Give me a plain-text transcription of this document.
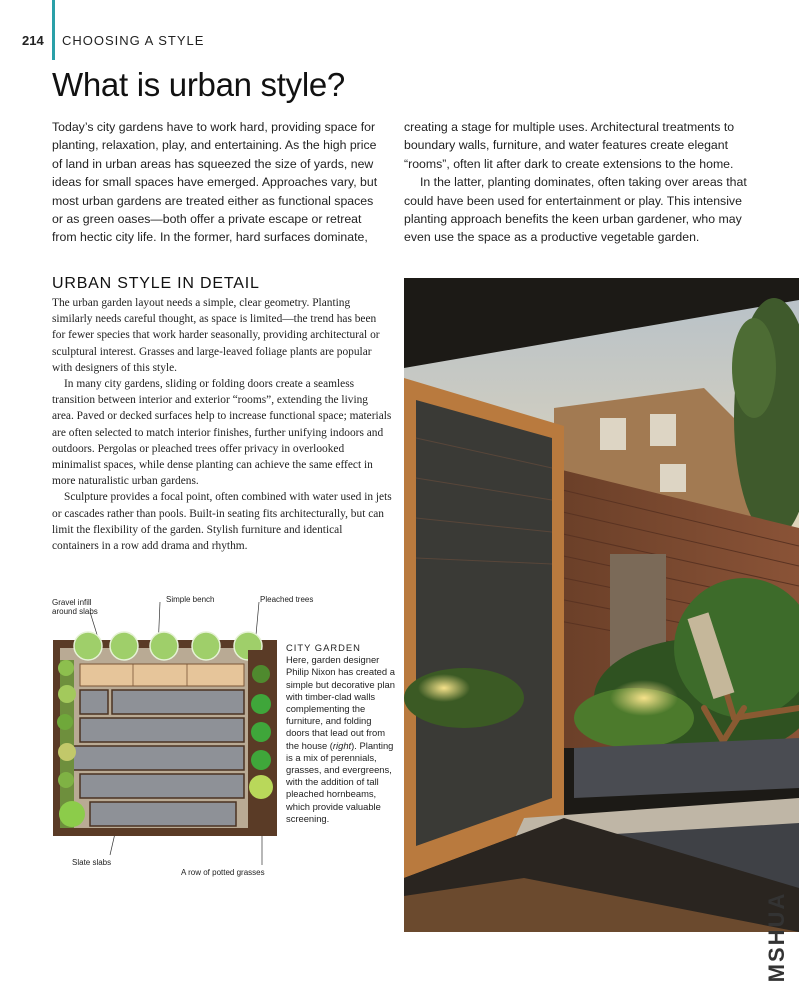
214 CHOOSING A STYLE
What is urban style?

Today’s city gardens have to work hard, providing space for planting, relaxation, play, and entertaining. As the high price of land in urban areas has squeezed the size of yards, new ideas for small spaces have emerged. Approaches vary, but most urban gardens are treated either as functional spaces or as green oases—both offer a private escape or retreat from hectic city life. In the former, hard surfaces dominate,

creating a stage for multiple uses. Architectural treatments to boundary walls, furniture, and water features create elegant “rooms”, often lit after dark to create extensions to the home.

In the latter, planting dominates, often taking over areas that could have been used for entertainment or play. This intensive planting approach benefits the keen urban gardener, who may even use the space as a productive vegetable garden.

URBAN STYLE IN DETAIL

The urban garden layout needs a simple, clear geometry. Planting similarly needs careful thought, as space is limited—the trend has been for fewer species that work harder seasonally, providing architectural or sculptural interest. Grasses and large-leaved foliage plants are popular with designers of this style.

In many city gardens, sliding or folding doors create a seamless transition between interior and exterior “rooms”, extending the living area. Paved or decked surfaces help to increase functional space; materials are often selected to match interior finishes, further unifying indoors and outdoors. Pergolas or pleached trees offer privacy in overlooked minimalist spaces, while dense planting can achieve the same effect in more naturalistic urban gardens.

Sculpture provides a focal point, often combined with water used in jets or cascades rather than pools. Built-in seating fits architecturally, but can limit the flexibility of the garden. Stylish furniture and identical containers in a row add drama and rhythm.

Gravel infill around slabs
Simple bench	Pleached trees
Slate slabs
A row of potted grasses
CITY GARDEN
Here, garden designer Philip Nixon has created a simple but decorative plan with timber-clad walls complementing the furniture, and folding doors that lead out from the house (right). Planting is a mix of perennials, grasses, and evergreens, with the addition of tall pleached hornbeams, which provide valuable screening.
MSHUA
